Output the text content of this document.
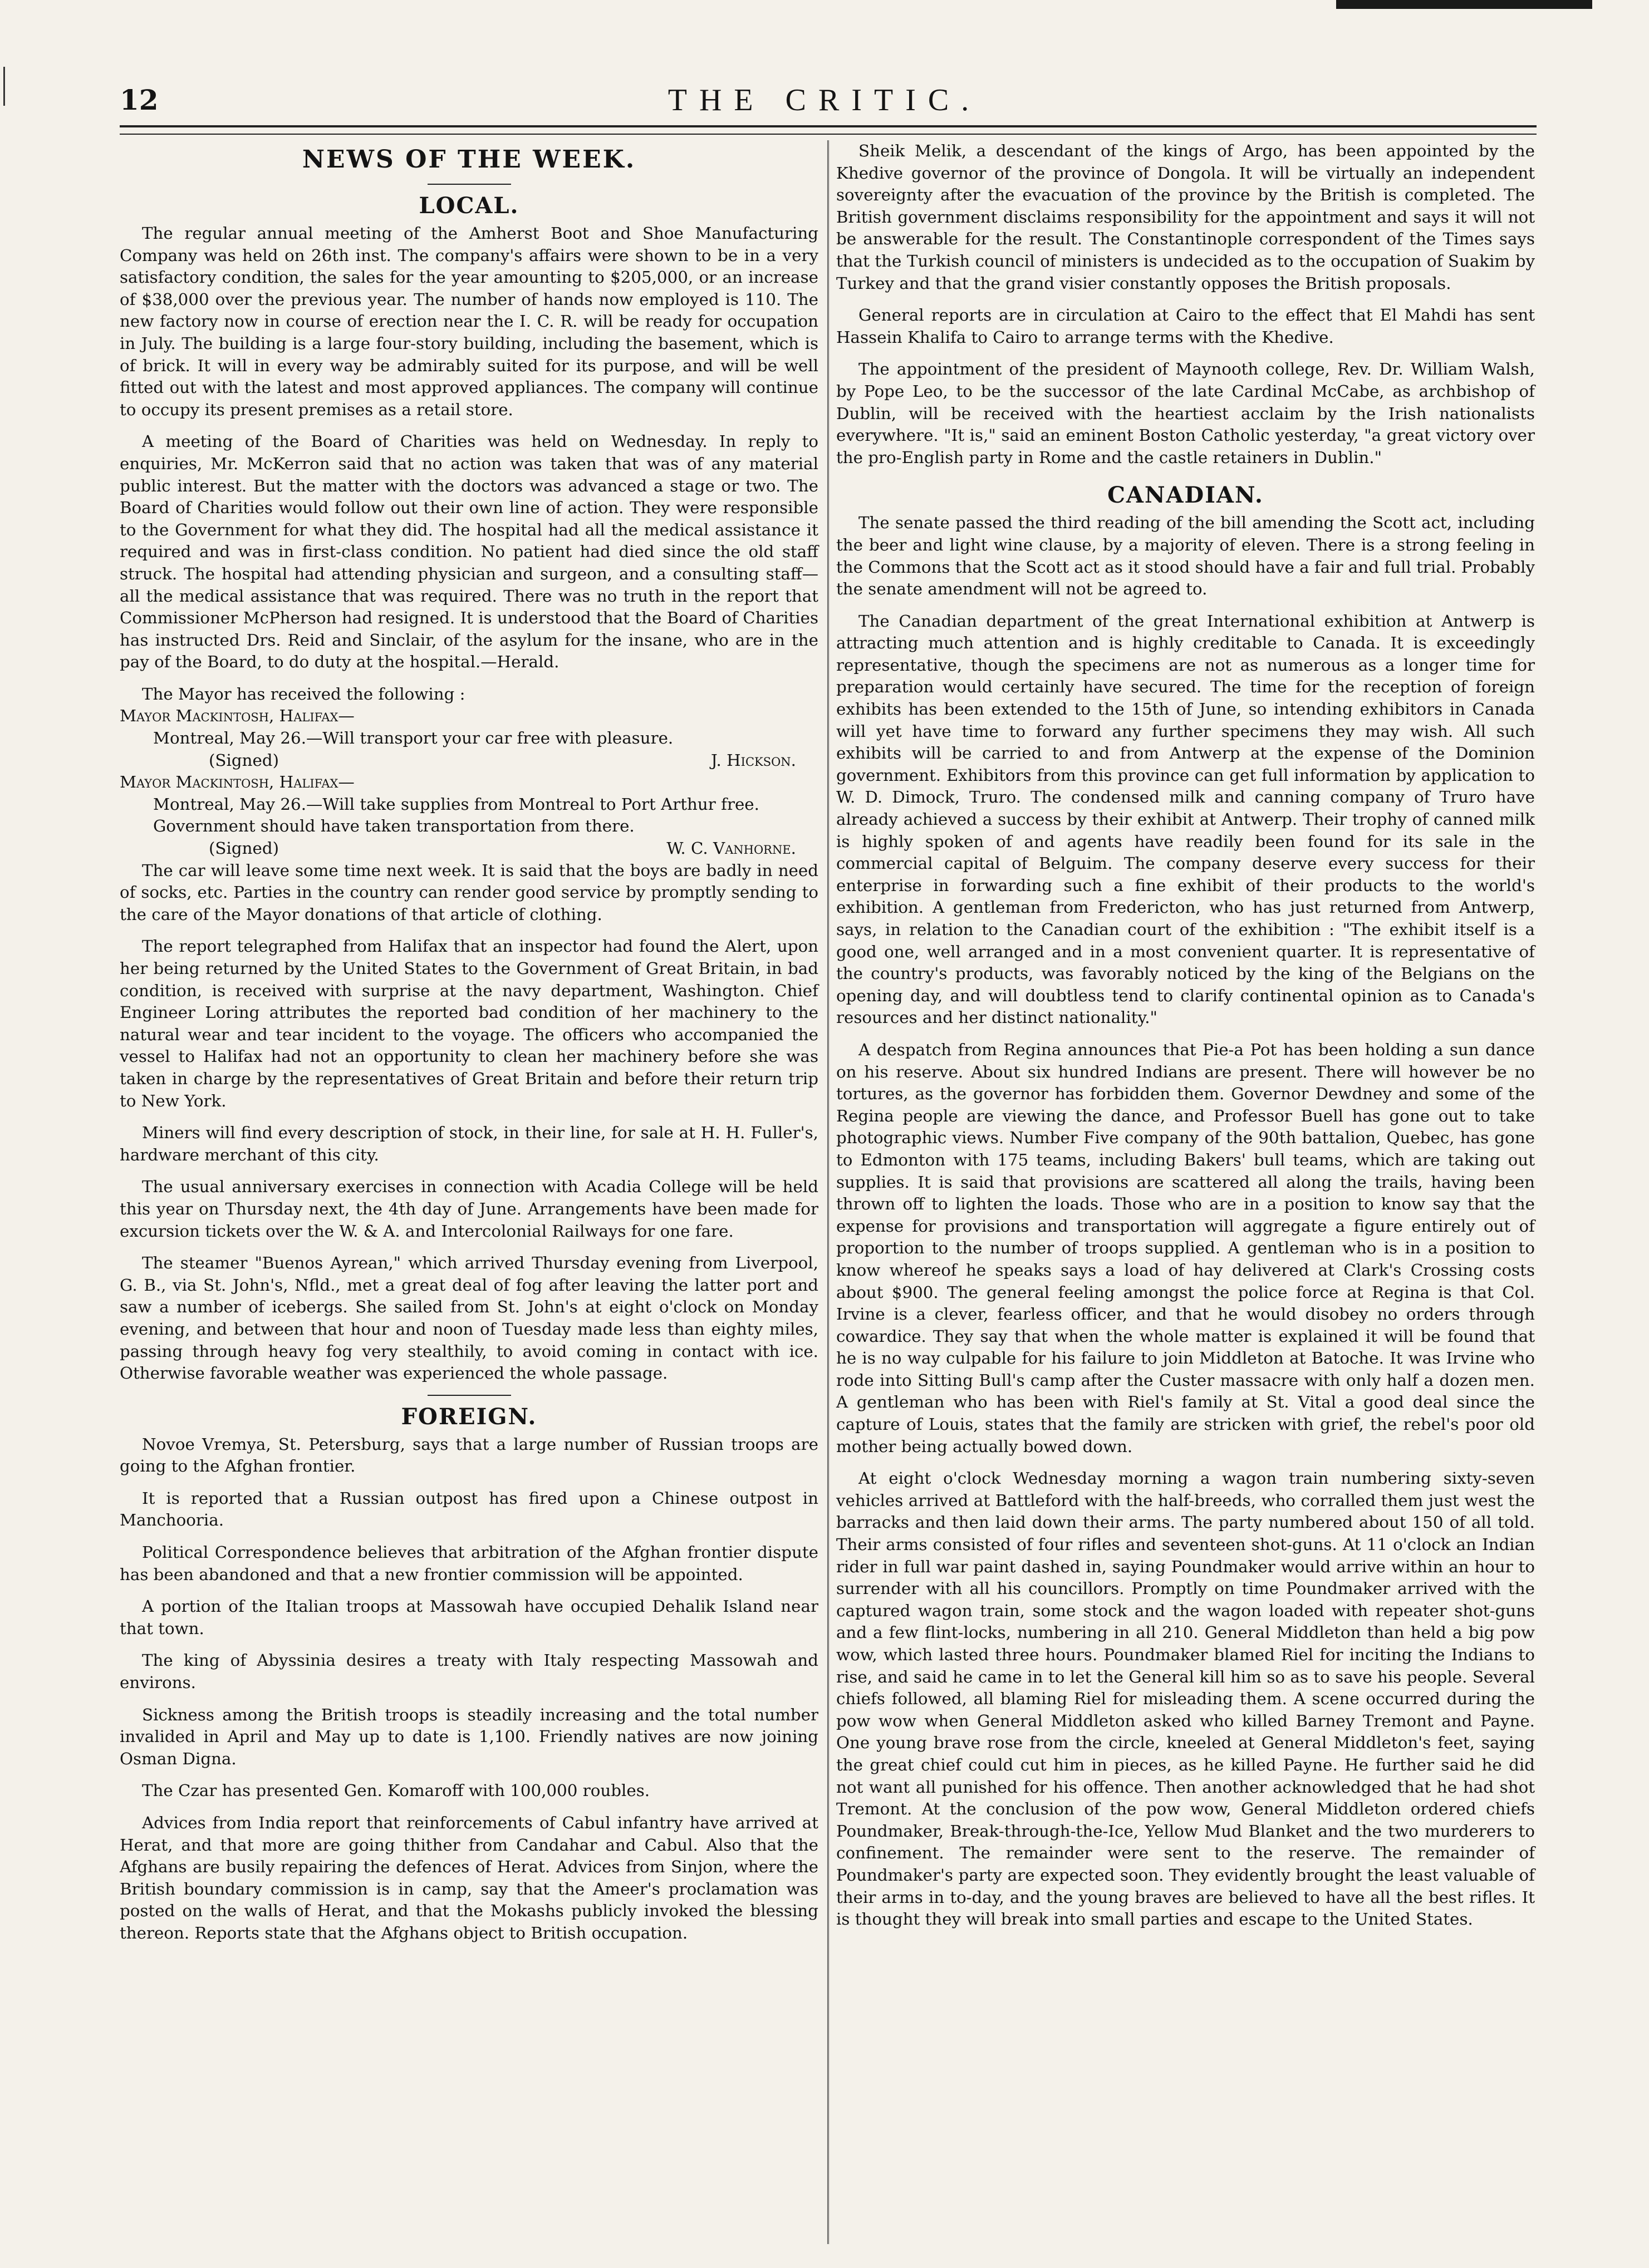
12	THE CRITIC.
NEWS OF THE WEEK.
LOCAL.

The regular annual meeting of the Amherst Boot and Shoe Manufacturing Company was held on 26th inst. The company's affairs were shown to be in a very satisfactory condition, the sales for the year amounting to $205,000, or an increase of $38,000 over the previous year. The number of hands now employed is 110. The new factory now in course of erection near the I. C. R. will be ready for occupation in July. The building is a large four-story building, including the basement, which is of brick. It will in every way be admirably suited for its purpose, and will be well fitted out with the latest and most approved appliances. The company will continue to occupy its present premises as a retail store.

A meeting of the Board of Charities was held on Wednesday. In reply to enquiries, Mr. McKerron said that no action was taken that was of any material public interest. But the matter with the doctors was advanced a stage or two. The Board of Charities would follow out their own line of action. They were responsible to the Government for what they did. The hospital had all the medical assistance it required and was in first-class condition. No patient had died since the old staff struck. The hospital had attending physician and surgeon, and a consulting staff—all the medical assistance that was required. There was no truth in the report that Commissioner McPherson had resigned. It is understood that the Board of Charities has instructed Drs. Reid and Sinclair, of the asylum for the insane, who are in the pay of the Board, to do duty at the hospital.—Herald.

The Mayor has received the following :
Mayor Mackintosh, Halifax—
Montreal, May 26.—Will transport your car free with pleasure.
(Signed)	J. Hickson.
Mayor Mackintosh, Halifax—
Montreal, May 26.—Will take supplies from Montreal to Port Arthur free. Government should have taken transportation from there.
(Signed)	W. C. Vanhorne.

The car will leave some time next week. It is said that the boys are badly in need of socks, etc. Parties in the country can render good service by promptly sending to the care of the Mayor donations of that article of clothing.

The report telegraphed from Halifax that an inspector had found the Alert, upon her being returned by the United States to the Government of Great Britain, in bad condition, is received with surprise at the navy department, Washington. Chief Engineer Loring attributes the reported bad condition of her machinery to the natural wear and tear incident to the voyage. The officers who accompanied the vessel to Halifax had not an opportunity to clean her machinery before she was taken in charge by the representatives of Great Britain and before their return trip to New York.

Miners will find every description of stock, in their line, for sale at H. H. Fuller's, hardware merchant of this city.

The usual anniversary exercises in connection with Acadia College will be held this year on Thursday next, the 4th day of June. Arrangements have been made for excursion tickets over the W. & A. and Intercolonial Railways for one fare.

The steamer "Buenos Ayrean," which arrived Thursday evening from Liverpool, G. B., via St. John's, Nfld., met a great deal of fog after leaving the latter port and saw a number of icebergs. She sailed from St. John's at eight o'clock on Monday evening, and between that hour and noon of Tuesday made less than eighty miles, passing through heavy fog very stealthily, to avoid coming in contact with ice. Otherwise favorable weather was experienced the whole passage.

FOREIGN.

Novoe Vremya, St. Petersburg, says that a large number of Russian troops are going to the Afghan frontier.

It is reported that a Russian outpost has fired upon a Chinese outpost in Manchooria.

Political Correspondence believes that arbitration of the Afghan frontier dispute has been abandoned and that a new frontier commission will be appointed.

A portion of the Italian troops at Massowah have occupied Dehalik Island near that town.

The king of Abyssinia desires a treaty with Italy respecting Massowah and environs.

Sickness among the British troops is steadily increasing and the total number invalided in April and May up to date is 1,100. Friendly natives are now joining Osman Digna.

The Czar has presented Gen. Komaroff with 100,000 roubles.

Advices from India report that reinforcements of Cabul infantry have arrived at Herat, and that more are going thither from Candahar and Cabul. Also that the Afghans are busily repairing the defences of Herat. Advices from Sinjon, where the British boundary commission is in camp, say that the Ameer's proclamation was posted on the walls of Herat, and that the Mokashs publicly invoked the blessing thereon. Reports state that the Afghans object to British occupation.

Sheik Melik, a descendant of the kings of Argo, has been appointed by the Khedive governor of the province of Dongola. It will be virtually an independent sovereignty after the evacuation of the province by the British is completed. The British government disclaims responsibility for the appointment and says it will not be answerable for the result. The Constantinople correspondent of the Times says that the Turkish council of ministers is undecided as to the occupation of Suakim by Turkey and that the grand visier constantly opposes the British proposals.

General reports are in circulation at Cairo to the effect that El Mahdi has sent Hassein Khalifa to Cairo to arrange terms with the Khedive.

The appointment of the president of Maynooth college, Rev. Dr. William Walsh, by Pope Leo, to be the successor of the late Cardinal McCabe, as archbishop of Dublin, will be received with the heartiest acclaim by the Irish nationalists everywhere. "It is," said an eminent Boston Catholic yesterday, "a great victory over the pro-English party in Rome and the castle retainers in Dublin."

CANADIAN.

The senate passed the third reading of the bill amending the Scott act, including the beer and light wine clause, by a majority of eleven. There is a strong feeling in the Commons that the Scott act as it stood should have a fair and full trial. Probably the senate amendment will not be agreed to.

The Canadian department of the great International exhibition at Antwerp is attracting much attention and is highly creditable to Canada. It is exceedingly representative, though the specimens are not as numerous as a longer time for preparation would certainly have secured. The time for the reception of foreign exhibits has been extended to the 15th of June, so intending exhibitors in Canada will yet have time to forward any further specimens they may wish. All such exhibits will be carried to and from Antwerp at the expense of the Dominion government. Exhibitors from this province can get full information by application to W. D. Dimock, Truro. The condensed milk and canning company of Truro have already achieved a success by their exhibit at Antwerp. Their trophy of canned milk is highly spoken of and agents have readily been found for its sale in the commercial capital of Belguim. The company deserve every success for their enterprise in forwarding such a fine exhibit of their products to the world's exhibition. A gentleman from Fredericton, who has just returned from Antwerp, says, in relation to the Canadian court of the exhibition : "The exhibit itself is a good one, well arranged and in a most convenient quarter. It is representative of the country's products, was favorably noticed by the king of the Belgians on the opening day, and will doubtless tend to clarify continental opinion as to Canada's resources and her distinct nationality."

A despatch from Regina announces that Pie-a Pot has been holding a sun dance on his reserve. About six hundred Indians are present. There will however be no tortures, as the governor has forbidden them. Governor Dewdney and some of the Regina people are viewing the dance, and Professor Buell has gone out to take photographic views. Number Five company of the 90th battalion, Quebec, has gone to Edmonton with 175 teams, including Bakers' bull teams, which are taking out supplies. It is said that provisions are scattered all along the trails, having been thrown off to lighten the loads. Those who are in a position to know say that the expense for provisions and transportation will aggregate a figure entirely out of proportion to the number of troops supplied. A gentleman who is in a position to know whereof he speaks says a load of hay delivered at Clark's Crossing costs about $900. The general feeling amongst the police force at Regina is that Col. Irvine is a clever, fearless officer, and that he would disobey no orders through cowardice. They say that when the whole matter is explained it will be found that he is no way culpable for his failure to join Middleton at Batoche. It was Irvine who rode into Sitting Bull's camp after the Custer massacre with only half a dozen men. A gentleman who has been with Riel's family at St. Vital a good deal since the capture of Louis, states that the family are stricken with grief, the rebel's poor old mother being actually bowed down.

At eight o'clock Wednesday morning a wagon train numbering sixty-seven vehicles arrived at Battleford with the half-breeds, who corralled them just west the barracks and then laid down their arms. The party numbered about 150 of all told. Their arms consisted of four rifles and seventeen shot-guns. At 11 o'clock an Indian rider in full war paint dashed in, saying Poundmaker would arrive within an hour to surrender with all his councillors. Promptly on time Poundmaker arrived with the captured wagon train, some stock and the wagon loaded with repeater shot-guns and a few flint-locks, numbering in all 210. General Middleton than held a big pow wow, which lasted three hours. Poundmaker blamed Riel for inciting the Indians to rise, and said he came in to let the General kill him so as to save his people. Several chiefs followed, all blaming Riel for misleading them. A scene occurred during the pow wow when General Middleton asked who killed Barney Tremont and Payne. One young brave rose from the circle, kneeled at General Middleton's feet, saying the great chief could cut him in pieces, as he killed Payne. He further said he did not want all punished for his offence. Then another acknowledged that he had shot Tremont. At the conclusion of the pow wow, General Middleton ordered chiefs Poundmaker, Break-through-the-Ice, Yellow Mud Blanket and the two murderers to confinement. The remainder were sent to the reserve. The remainder of Poundmaker's party are expected soon. They evidently brought the least valuable of their arms in to-day, and the young braves are believed to have all the best rifles. It is thought they will break into small parties and escape to the United States.
